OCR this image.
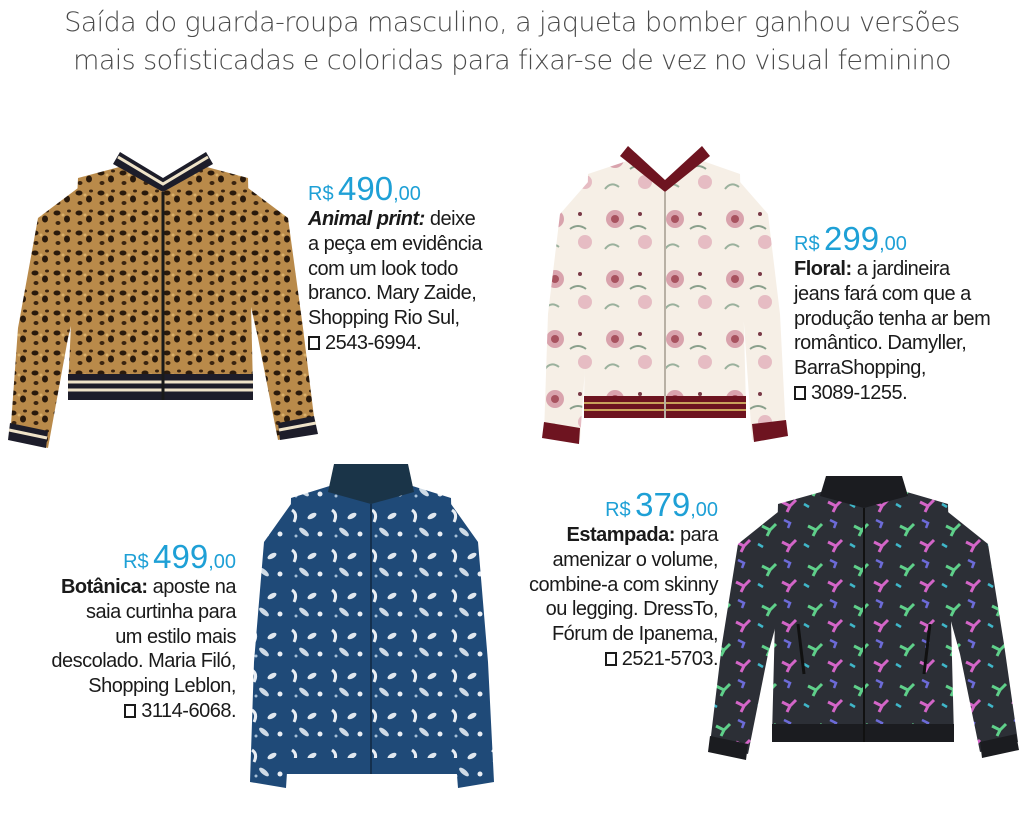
Saída do guarda-roupa masculino, a jaqueta bomber ganhou versões
mais sofisticadas e coloridas para fixar-se de vez no visual feminino
R$ 490,00
Animal print: deixe
a peça em evidência
com um look todo
branco. Mary Zaide,
Shopping Rio Sul,
2543-6994.
R$ 299,00
Floral: a jardineira
jeans fará com que a
produção tenha ar bem
romântico. Damyller,
BarraShopping,
3089-1255.
R$ 499,00
Botânica: aposte na
saia curtinha para
um estilo mais
descolado. Maria Filó,
Shopping Leblon,
3114-6068.
R$ 379,00
Estampada: para
amenizar o volume,
combine-a com skinny
ou legging. DressTo,
Fórum de Ipanema,
2521-5703.
